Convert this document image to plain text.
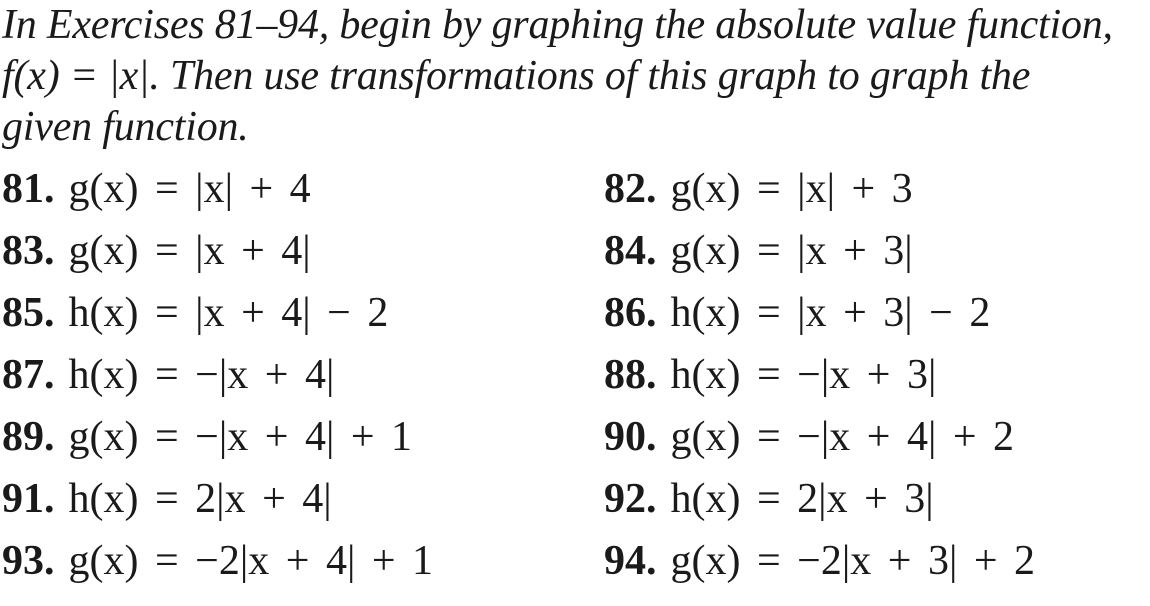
In Exercises 81–94, begin by graphing the absolute value function,
f(x) = |x|. Then use transformations of this graph to graph the
given function.
81. g(x) = |x| + 4	82. g(x) = |x| + 3
83. g(x) = |x + 4|	84. g(x) = |x + 3|
85. h(x) = |x + 4| − 2	86. h(x) = |x + 3| − 2
87. h(x) = −|x + 4|	88. h(x) = −|x + 3|
89. g(x) = −|x + 4| + 1	90. g(x) = −|x + 4| + 2
91. h(x) = 2|x + 4|	92. h(x) = 2|x + 3|
93. g(x) = −2|x + 4| + 1	94. g(x) = −2|x + 3| + 2
